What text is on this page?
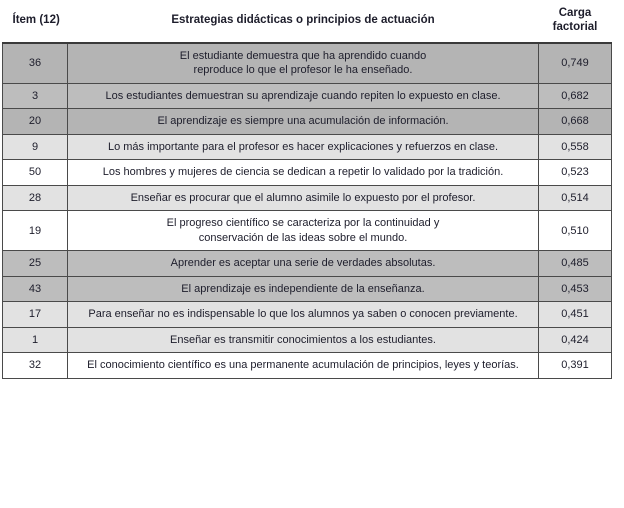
Ítem (12)	Estrategias didácticas o principios de actuación	Carga
factorial

36	El estudiante demuestra que ha aprendido cuando
reproduce lo que el profesor le ha enseñado.	0,749
3	Los estudiantes demuestran su aprendizaje cuando repiten lo expuesto en clase.	0,682
20	El aprendizaje es siempre una acumulación de información.	0,668
9	Lo más importante para el profesor es hacer explicaciones y refuerzos en clase.	0,558
50	Los hombres y mujeres de ciencia se dedican a repetir lo validado por la tradición.	0,523
28	Enseñar es procurar que el alumno asimile lo expuesto por el profesor.	0,514
19	El progreso científico se caracteriza por la continuidad y
conservación de las ideas sobre el mundo.	0,510
25	Aprender es aceptar una serie de verdades absolutas.	0,485
43	El aprendizaje es independiente de la enseñanza.	0,453
17	Para enseñar no es indispensable lo que los alumnos ya saben o conocen previamente.	0,451
1	Enseñar es transmitir conocimientos a los estudiantes.	0,424
32	El conocimiento científico es una permanente acumulación de principios, leyes y teorías.	0,391
